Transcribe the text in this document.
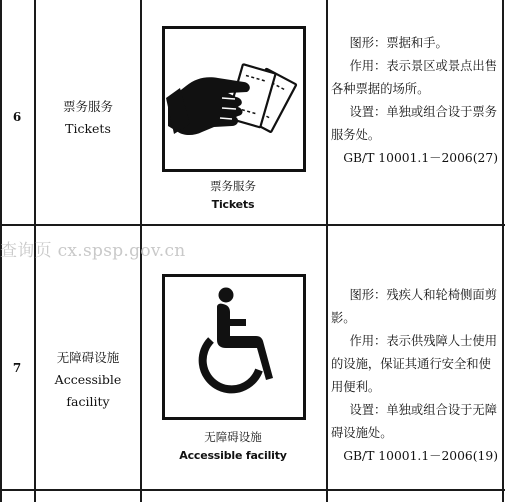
6
票务服务
Tickets
票务服务
Tickets

图形：票据和手。

作用：表示景区或景点出售各种票据的场所。

设置：单独或组合设于票务服务处。

GB/T 10001.1－2006(27)

查询页 cx.spsp.gov.cn
7
无障碍设施
Accessible facility
无障碍设施
Accessible facility

图形：残疾人和轮椅侧面剪影。

作用：表示供残障人士使用的设施，保证其通行安全和使用便利。

设置：单独或组合设于无障碍设施处。

GB/T 10001.1－2006(19)
